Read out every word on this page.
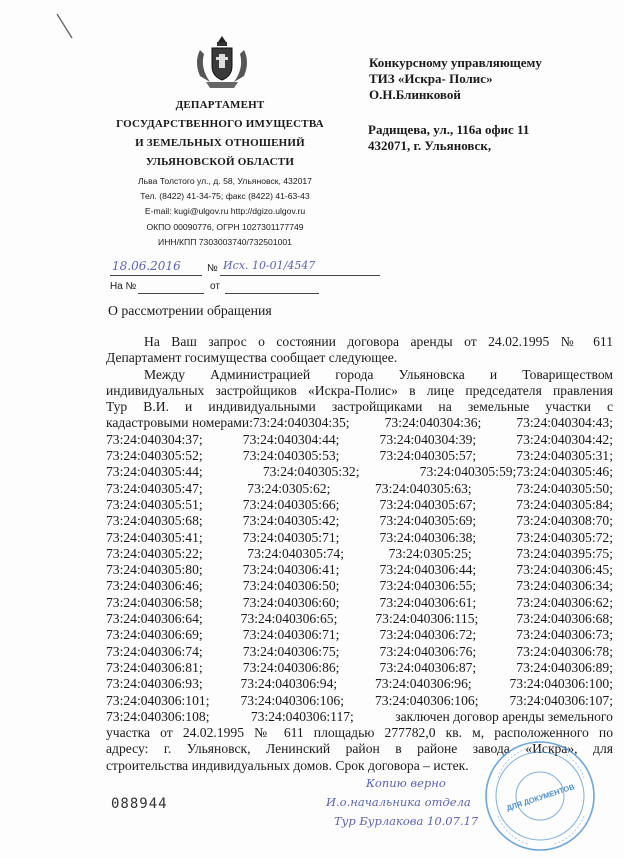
ДЕПАРТАМЕНТ
ГОСУДАРСТВЕННОГО ИМУЩЕСТВА
И ЗЕМЕЛЬНЫХ ОТНОШЕНИЙ
УЛЬЯНОВСКОЙ ОБЛАСТИ
Льва Толстого ул., д. 58, Ульяновск, 432017
Тел. (8422) 41-34-75; факс (8422) 41-63-43
E-mail: kugi@ulgov.ru http://dgizo.ulgov.ru
ОКПО 00090776, ОГРН 1027301177749
ИНН/КПП 7303003740/732501001
Конкурсному управляющему
ТИЗ «Искра- Полис»
О.Н.Блинковой
Радищева, ул., 116а офис 11
432071, г. Ульяновск,
18.06.2016	№ Исх. 10-01/4547
На №	от
О рассмотрении обращения
На Ваш запрос о состоянии договора аренды от 24.02.1995 № 611
Департамент госимущества сообщает следующее.
Между Администрацией города Ульяновска и Товариществом
индивидуальных застройщиков «Искра-Полис» в лице председателя правления
Тур В.И. и индивидуальными застройщиками на земельные участки с
кадастровыми номерами:73:24:040304:35;	73:24:040304:36;	73:24:040304:43;
73:24:040304:37;	73:24:040304:44;	73:24:040304:39;	73:24:040304:42;
73:24:040305:52;	73:24:040305:53;	73:24:040305:57;	73:24:040305:31;
73:24:040305:44;	73:24:040305:32;	73:24:040305:59;73:24:040305:46;
73:24:040305:47;	73:24:0305:62;	73:24:040305:63;	73:24:040305:50;
73:24:040305:51;	73:24:040305:66;	73:24:040305:67;	73:24:040305:84;
73:24:040305:68;	73:24:040305:42;	73:24:040305:69;	73:24:040308:70;
73:24:040305:41;	73:24:040305:71;	73:24:040306:38;	73:24:040305:72;
73:24:040305:22;	73:24:040305:74;	73:24:0305:25;	73:24:040395:75;
73:24:040305:80;	73:24:040306:41;	73:24:040306:44;	73:24:040306:45;
73:24:040306:46;	73:24:040306:50;	73:24:040306:55;	73:24:040306:34;
73:24:040306:58;	73:24:040306:60;	73:24:040306:61;	73:24:040306:62;
73:24:040306:64;	73:24:040306:65;	73:24:040306:115;	73:24:040306:68;
73:24:040306:69;	73:24:040306:71;	73:24:040306:72;	73:24:040306:73;
73:24:040306:74;	73:24:040306:75;	73:24:040306:76;	73:24:040306:78;
73:24:040306:81;	73:24:040306:86;	73:24:040306:87;	73:24:040306:89;
73:24:040306:93;	73:24:040306:94;	73:24:040306:96;	73:24:040306:100;
73:24:040306:101; 73:24:040306:106; 73:24:040306:106; 73:24:040306:107;
73:24:040306:108;	73:24:040306:117;	заключен договор аренды земельного
участка от 24.02.1995 № 611 площадью 277782,0 кв. м, расположенного по
адресу: г. Ульяновск, Ленинский район в районе завода «Искра», для
строительства индивидуальных домов. Срок договора – истек.
088944
Копию верно
И.о.начальника отдела
Тур Бурлакова 10.07.17
ДЛЯ ДОКУМЕНТОВ
